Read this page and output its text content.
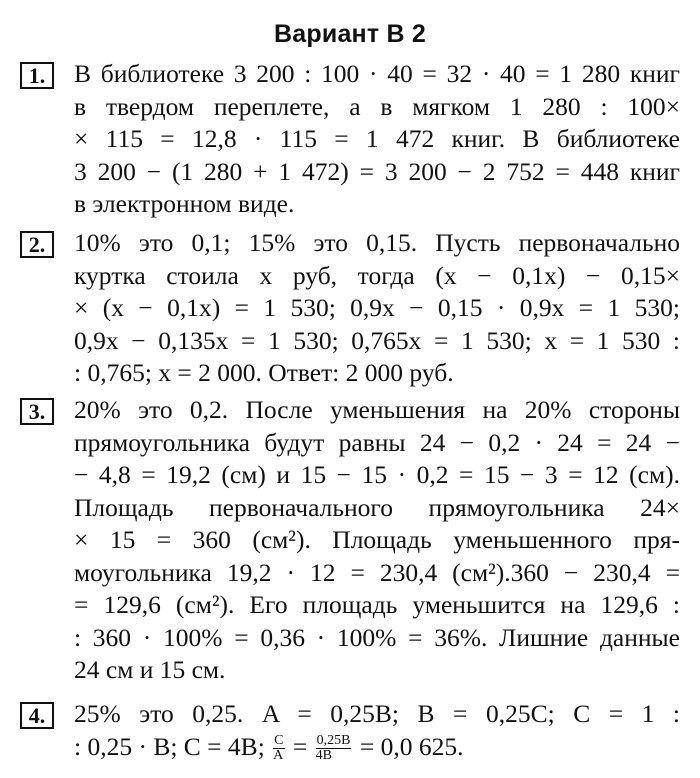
Вариант В 2
1.	В библиотеке 3 200 : 100 · 40 = 32 · 40 = 1 280 книг
в твердом переплете, а в мягком 1 280 : 100×
× 115 = 12,8 · 115 = 1 472 книг. В библиотеке
3 200 − (1 280 + 1 472) = 3 200 − 2 752 = 448 книг
в электронном виде.
2.	10% это 0,1; 15% это 0,15. Пусть первоначально
куртка стоила x руб, тогда (x − 0,1x) − 0,15×
× (x − 0,1x) = 1 530; 0,9x − 0,15 · 0,9x = 1 530;
0,9x − 0,135x = 1 530; 0,765x = 1 530; x = 1 530 :
: 0,765; x = 2 000. Ответ: 2 000 руб.
3.	20% это 0,2. После уменьшения на 20% стороны
прямоугольника будут равны 24 − 0,2 · 24 = 24 −
− 4,8 = 19,2 (см) и 15 − 15 · 0,2 = 15 − 3 = 12 (см).
Площадь первоначального прямоугольника 24×
× 15 = 360 (см²). Площадь уменьшенного пря-
моугольника 19,2 · 12 = 230,4 (см²).360 − 230,4 =
= 129,6 (см²). Его площадь уменьшится на 129,6 :
: 360 · 100% = 0,36 · 100% = 36%. Лишние данные
24 см и 15 см.
4.	25% это 0,25. A = 0,25B; B = 0,25C; C = 1 :
: 0,25 · B; C = 4B; $\frac{C}{A} = \frac{0,25B}{4B} = 0,0$ 625.
